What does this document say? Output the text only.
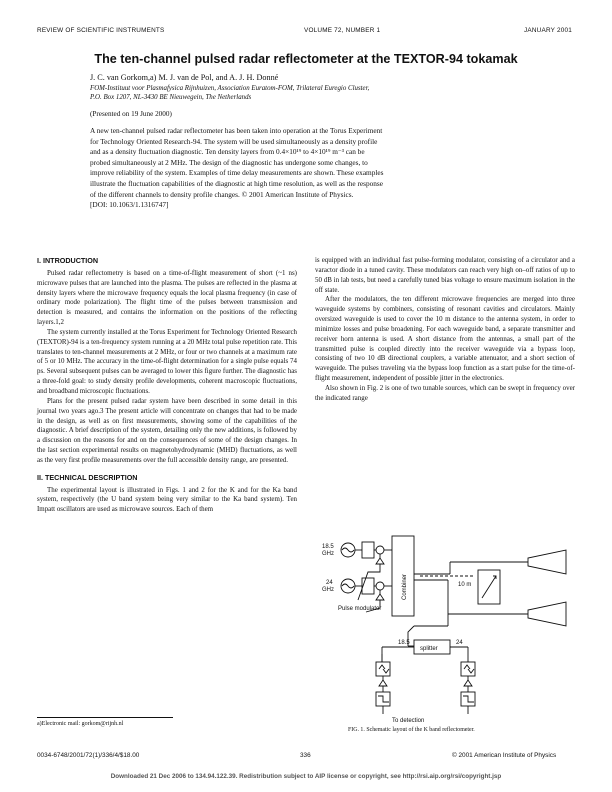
REVIEW OF SCIENTIFIC INSTRUMENTS	VOLUME 72, NUMBER 1	JANUARY 2001
The ten-channel pulsed radar reflectometer at the TEXTOR-94 tokamak
J. C. van Gorkom,a) M. J. van de Pol, and A. J. H. Donné
FOM-Instituut voor Plasmafysica Rijnhuizen, Association Euratom-FOM, Trilateral Euregio Cluster,
P.O. Box 1207, NL-3430 BE Nieuwegein, The Netherlands
(Presented on 19 June 2000)
A new ten-channel pulsed radar reflectometer has been taken into operation at the Torus Experiment
for Technology Oriented Research-94. The system will be used simultaneously as a density profile
and as a density fluctuation diagnostic. Ten density layers from 0.4×10¹⁹ to 4×10¹⁹ m⁻³ can be
probed simultaneously at 2 MHz. The design of the diagnostic has undergone some changes, to
improve reliability of the system. Examples of time delay measurements are shown. These examples
illustrate the fluctuation capabilities of the diagnostic at high time resolution, as well as the response
of the different channels to density profile changes. © 2001 American Institute of Physics.
[DOI: 10.1063/1.1316747]

I. INTRODUCTION

Pulsed radar reflectometry is based on a time-of-flight measurement of short (~1 ns) microwave pulses that are launched into the plasma. The pulses are reflected in the plasma at density layers where the microwave frequency equals the local plasma frequency (in case of ordinary mode polarization). The flight time of the pulses between transmission and detection is measured, and contains the information on the positions of the reflecting layers.1,2

The system currently installed at the Torus Experiment for Technology Oriented Research (TEXTOR)-94 is a ten-frequency system running at a 20 MHz total pulse repetition rate. This translates to ten-channel measurements at 2 MHz, or four or two channels at a maximum rate of 5 or 10 MHz. The accuracy in the time-of-flight determination for a single pulse equals 74 ps. Several subsequent pulses can be averaged to lower this figure further. The diagnostic has a three-fold goal: to study density profile developments, coherent macroscopic fluctuations, and broadband microscopic fluctuations.

Plans for the present pulsed radar system have been described in some detail in this journal two years ago.3 The present article will concentrate on changes that had to be made in the design, as well as on first measurements, showing some of the capabilities of the diagnostic. A brief description of the system, detailing only the new additions, is followed by a discussion on the reasons for and on the consequences of some of the design changes. In the last section experimental results on magnetohydrodynamic (MHD) fluctuations, as well as the very first profile measurements over the full accessible density range, are presented.

II. TECHNICAL DESCRIPTION

The experimental layout is illustrated in Figs. 1 and 2 for the K and for the Ka band system, respectively (the U band system being very similar to the Ka band system). Ten Impatt oscillators are used as microwave sources. Each of them

is equipped with an individual fast pulse-forming modulator, consisting of a circulator and a varactor diode in a tuned cavity. These modulators can reach very high on–off ratios of up to 50 dB in lab tests, but need a carefully tuned bias voltage to ensure maximum isolation in the off state.

After the modulators, the ten different microwave frequencies are merged into three waveguide systems by combiners, consisting of resonant cavities and circulators. Mainly oversized waveguide is used to cover the 10 m distance to the antenna system, in order to minimize losses and pulse broadening. For each waveguide band, a separate transmitter and receiver horn antenna is used. A short distance from the antennas, a small part of the transmitted pulse is coupled directly into the receiver waveguide via a bypass loop, consisting of two 10 dB directional couplers, a variable attenuator, and a short section of waveguide. The pulses traveling via the bypass loop function as a start pulse for the time-of-flight measurement, independent of possible jitter in the electronics.

Also shown in Fig. 2 is one of two tunable sources, which can be swept in frequency over the indicated range

18.5
GHz
24
GHz	Combiner	10 m
Pulse modulator
splitter
18.5	24
To detection
FIG. 1. Schematic layout of the K band reflectometer.
a)Electronic mail: gorkom@rijnh.nl
0034-6748/2001/72(1)/336/4/$18.00	336	© 2001 American Institute of Physics
Downloaded 21 Dec 2006 to 134.94.122.39. Redistribution subject to AIP license or copyright, see http://rsi.aip.org/rsi/copyright.jsp
